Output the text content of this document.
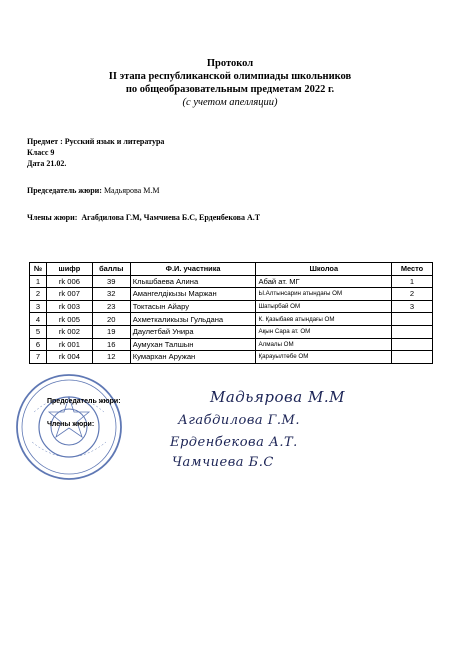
Протокол
II этапа республиканской олимпиады школьников
по общеобразовательным предметам 2022 г.
(с учетом апелляции)
Предмет : Русский язык и литература
Класс 9
Дата 21.02.
Председатель жюри: Мадьярова М.М
Члены жюри: Агабдилова Г.М, Чамчиева Б.С, Ерденбекова А.Т
№	шифр	баллы	Ф.И. участника	Школоа	Место
1	rk 006	39	Клышбаева Алина	Абай ат. МГ	1
2	rk 007	32	Амангелдікызы Маржан	Ы.Алтынсарин атындағы ОМ	2
3	rk 003	23	Токтасын Айару	Шатырбай ОМ	3
4	rk 005	20	Ахметкаликызы Гульдана	К. Қазыбаев атындағы ОМ	
5	rk 002	19	Даулетбай Унира	Ақын Сара ат. ОМ	
6	rk 001	16	Аумухан Талшын	Алмалы ОМ	
7	rk 004	12	Кумархан Аружан	Қарауылтөбе ОМ	
Председатель жюри:
Члены жюри:
Мадьярова М.М
Агабдилова Г.М.
Ерденбекова А.Т.
Чамчиева Б.С
